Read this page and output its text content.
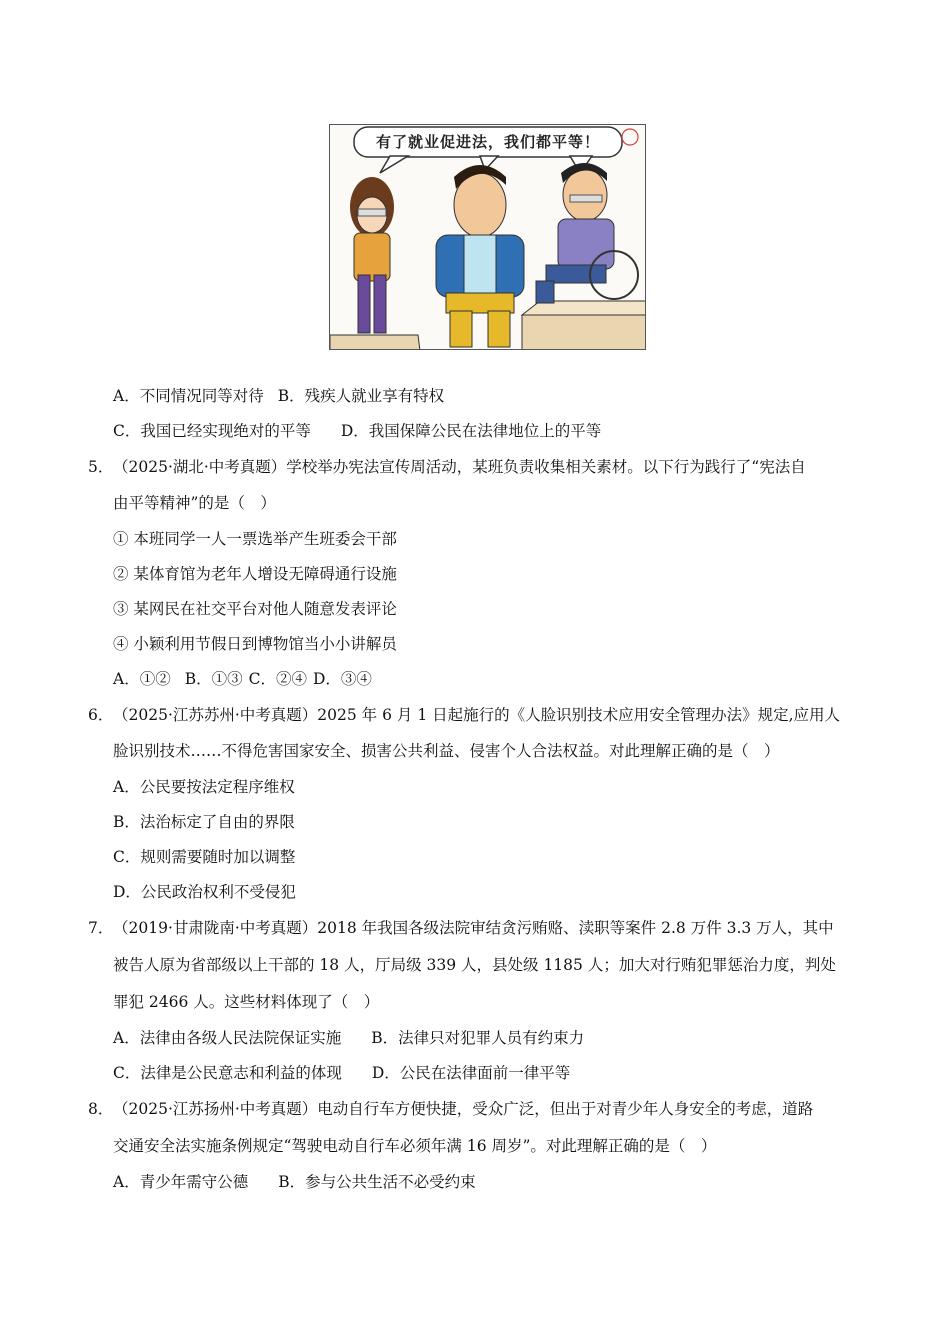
有了就业促进法，我们都平等！
A．不同情况同等对待 B．残疾人就业享有特权
C．我国已经实现绝对的平等 D．我国保障公民在法律地位上的平等
5． （2025·湖北·中考真题）学校举办宪法宣传周活动，某班负责收集相关素材。以下行为践行了“宪法自
由平等精神”的是（　）
① 本班同学一人一票选举产生班委会干部
② 某体育馆为老年人增设无障碍通行设施
③ 某网民在社交平台对他人随意发表评论
④ 小颖利用节假日到博物馆当小小讲解员
A．①② B．①③ C．②④ D．③④
6． （2025·江苏苏州·中考真题）2025 年 6 月 1 日起施行的《人脸识别技术应用安全管理办法》规定,应用人
脸识别技术……不得危害国家安全、损害公共利益、侵害个人合法权益。对此理解正确的是（　）
A．公民要按法定程序维权
B．法治标定了自由的界限
C．规则需要随时加以调整
D．公民政治权利不受侵犯
7． （2019·甘肃陇南·中考真题）2018 年我国各级法院审结贪污贿赂、渎职等案件 2.8 万件 3.3 万人，其中
被告人原为省部级以上干部的 18 人，厅局级 339 人，县处级 1185 人；加大对行贿犯罪惩治力度，判处
罪犯 2466 人。这些材料体现了（　）
A．法律由各级人民法院保证实施 B．法律只对犯罪人员有约束力
C．法律是公民意志和利益的体现 D．公民在法律面前一律平等
8． （2025·江苏扬州·中考真题）电动自行车方便快捷，受众广泛，但出于对青少年人身安全的考虑，道路
交通安全法实施条例规定“驾驶电动自行车必须年满 16 周岁”。对此理解正确的是（　）
A．青少年需守公德 B．参与公共生活不必受约束
